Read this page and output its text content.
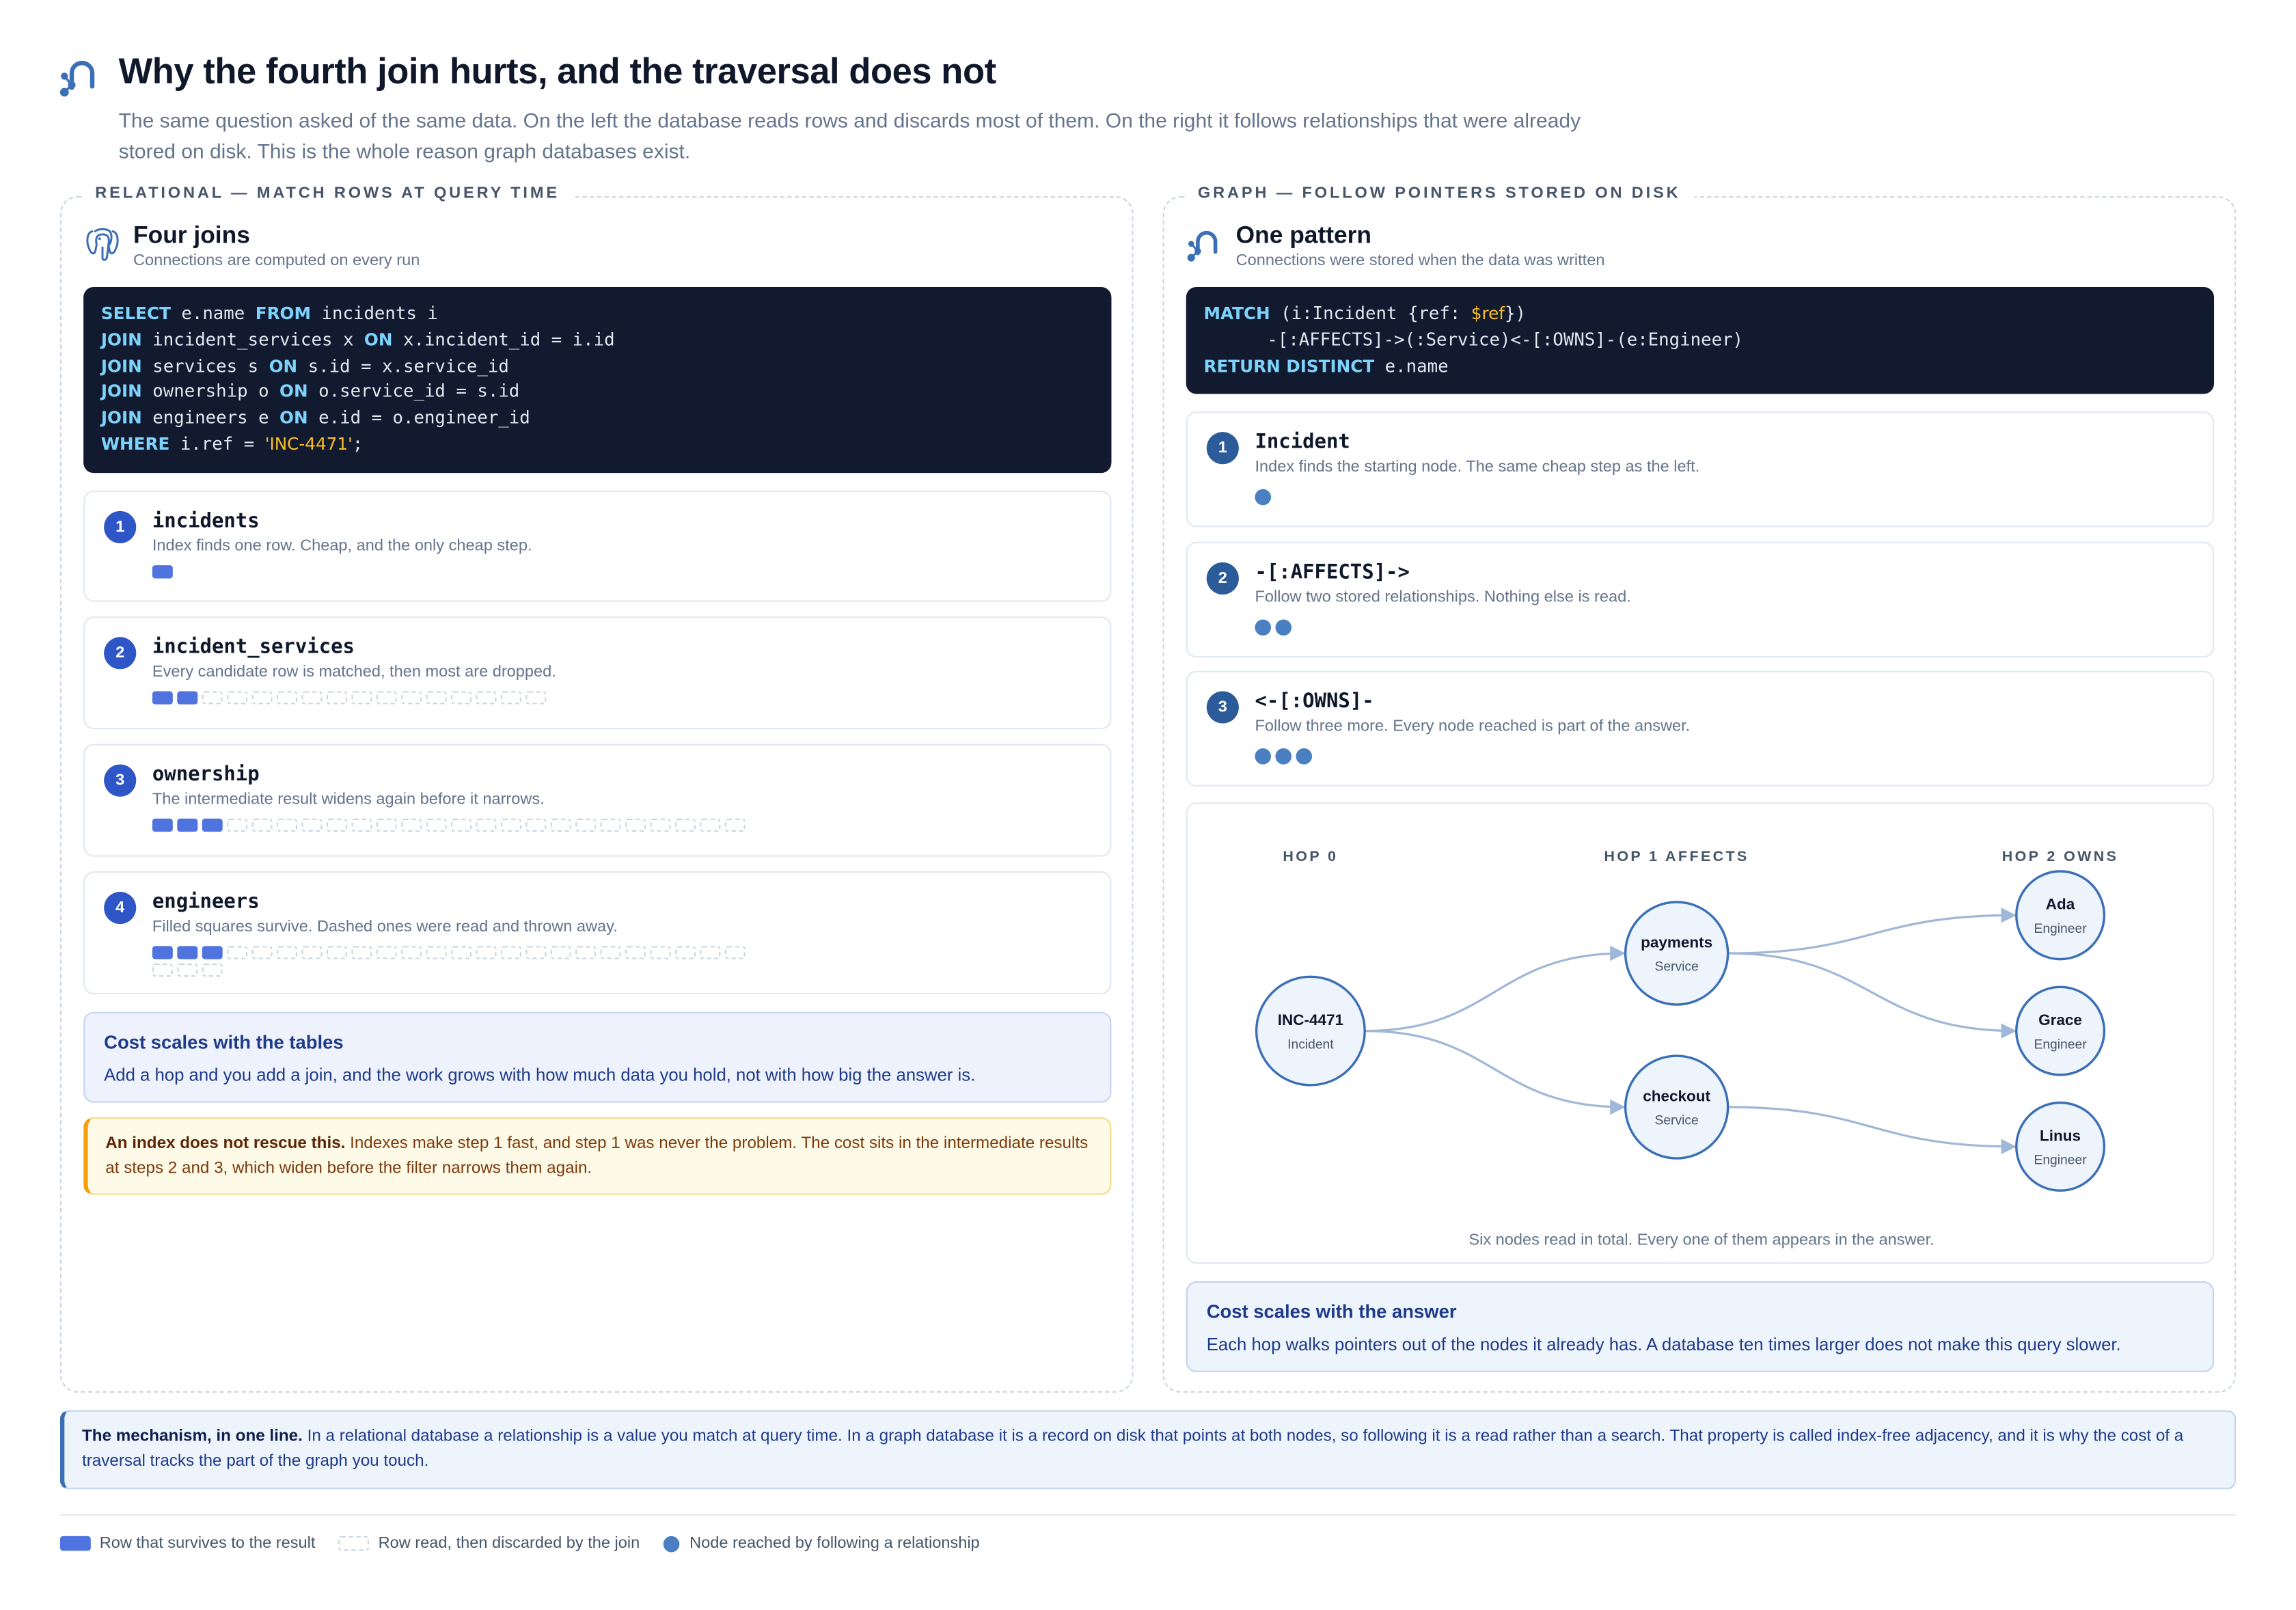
Why the fourth join hurts, and the traversal does not

The same question asked of the same data. On the left the database reads rows and discards most of them. On the right it follows relationships that were already stored on disk. This is the whole reason graph databases exist.

RELATIONAL — MATCH ROWS AT QUERY TIME
Four joins
Connections are computed on every run
SELECT e.name FROM incidents i
JOIN incident_services x ON x.incident_id = i.id
JOIN services s ON s.id = x.service_id
JOIN ownership o ON o.service_id = s.id
JOIN engineers e ON e.id = o.engineer_id
WHERE i.ref = 'INC-4471';
1	incidents
Index finds one row. Cheap, and the only cheap step.
2	incident_services
Every candidate row is matched, then most are dropped.
3	ownership
The intermediate result widens again before it narrows.
4	engineers
Filled squares survive. Dashed ones were read and thrown away.
Cost scales with the tables
Add a hop and you add a join, and the work grows with how much data you hold, not with how big the answer is.
An index does not rescue this. Indexes make step 1 fast, and step 1 was never the problem. The cost sits in the intermediate results at steps 2 and 3, which widen before the filter narrows them again.
GRAPH — FOLLOW POINTERS STORED ON DISK
One pattern
Connections were stored when the data was written
MATCH (i:Incident {ref: $ref})
-[:AFFECTS]->(:Service)<-[:OWNS]-(e:Engineer)
RETURN DISTINCT e.name
1	Incident
Index finds the starting node. The same cheap step as the left.
2	-[:AFFECTS]->
Follow two stored relationships. Nothing else is read.
3	<-[:OWNS]-
Follow three more. Every node reached is part of the answer.
HOP 0	HOP 1 AFFECTS	HOP 2 OWNS
INC-4471
Incident
payments
Service
checkout
Service
Ada
Engineer
Grace
Engineer
Linus
Engineer
Six nodes read in total. Every one of them appears in the answer.
Cost scales with the answer
Each hop walks pointers out of the nodes it already has. A database ten times larger does not make this query slower.
The mechanism, in one line. In a relational database a relationship is a value you match at query time. In a graph database it is a record on disk that points at both nodes, so following it is a read rather than a search. That property is called index-free adjacency, and it is why the cost of a traversal tracks the part of the graph you touch.
Row that survives to the result	Row read, then discarded by the join	Node reached by following a relationship
